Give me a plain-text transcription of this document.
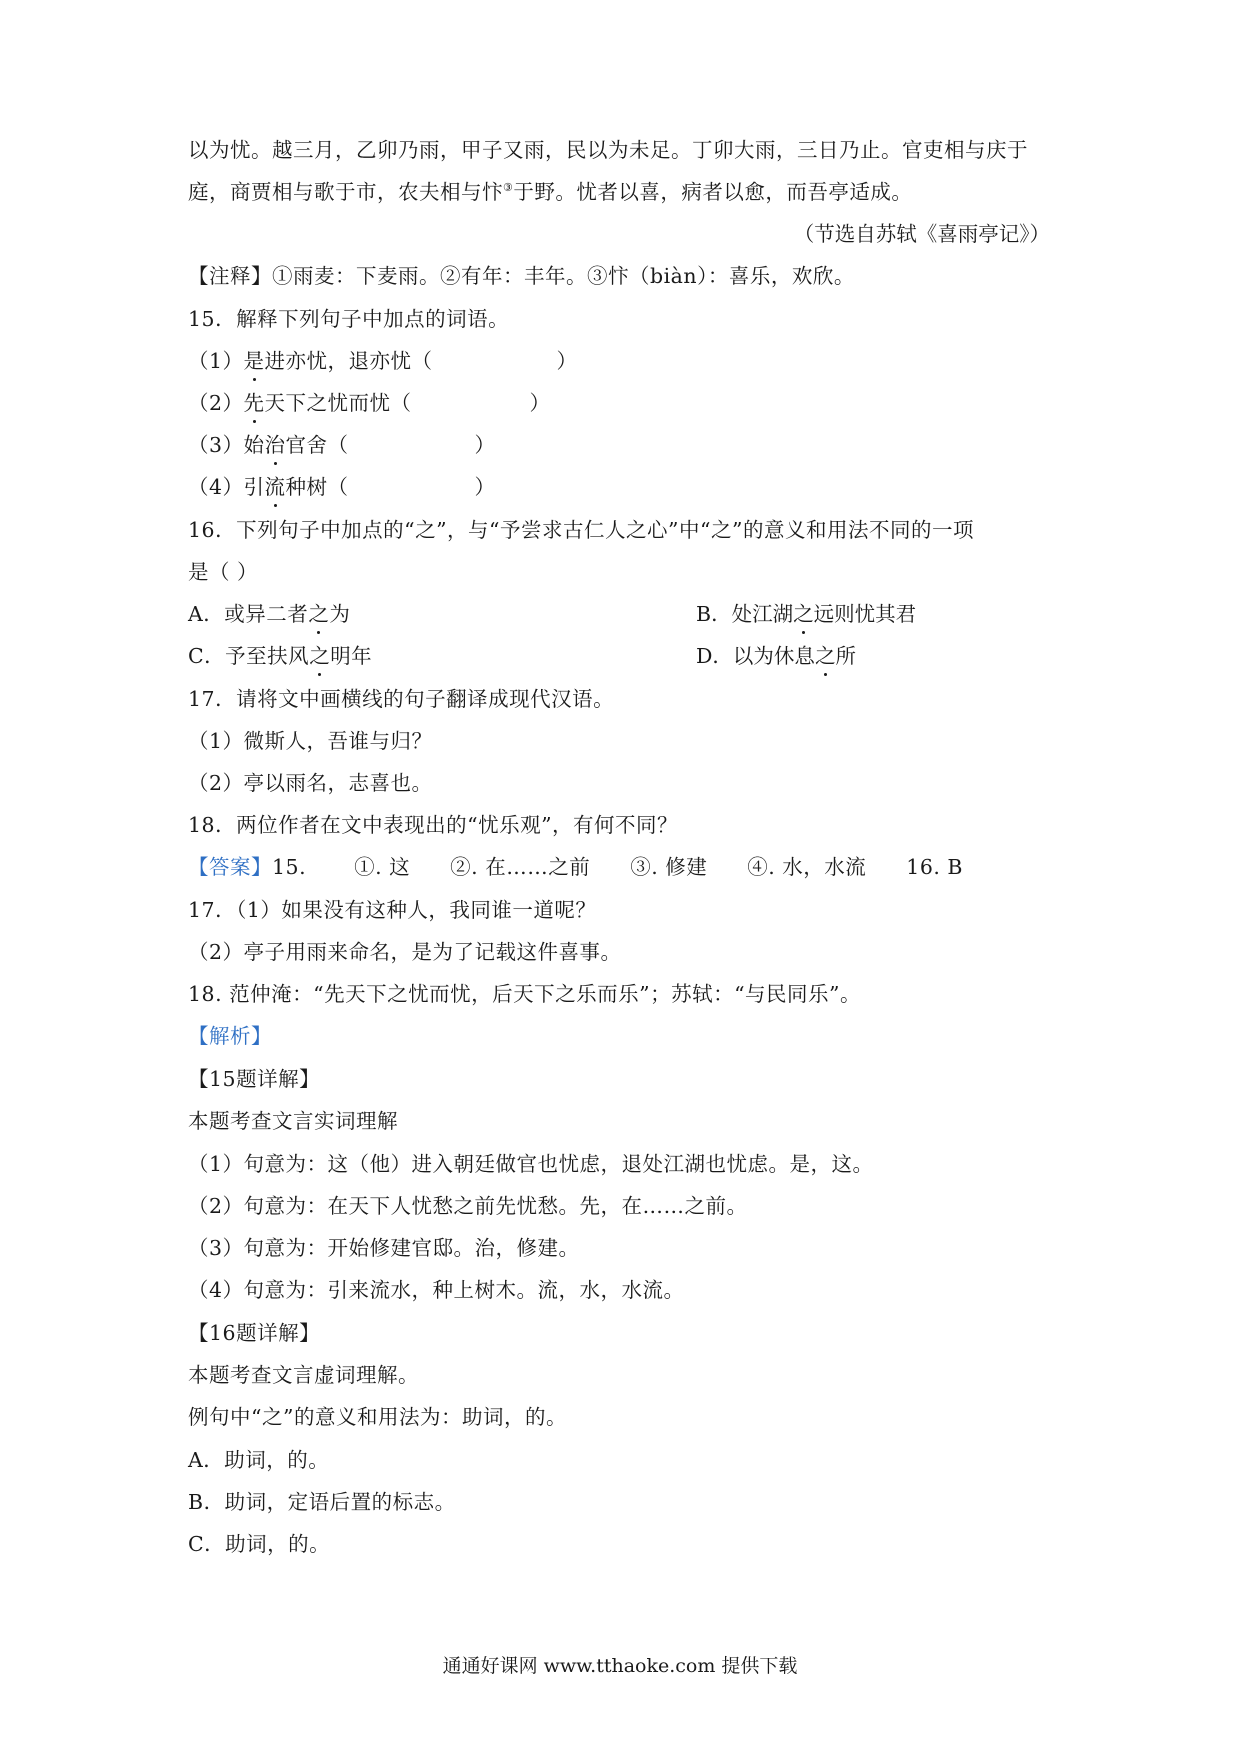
以为忧。越三月，乙卯乃雨，甲子又雨，民以为未足。丁卯大雨，三日乃止。官吏相与庆于
庭，商贾相与歌于市，农夫相与忭③于野。忧者以喜，病者以愈，而吾亭适成。
（节选自苏轼《喜雨亭记》）
【注释】①雨麦：下麦雨。②有年：丰年。③忭（biàn）：喜乐，欢欣。
15．解释下列句子中加点的词语。
（1）是进亦忧，退亦忧（	）
（2）先天下之忧而忧（	）
（3）始治官舍（	）
（4）引流种树（	）
16．下列句子中加点的“之”，与“予尝求古仁人之心”中“之”的意义和用法不同的一项
是（ ）
A．或异二者之为	B．处江湖之远则忧其君
C．予至扶风之明年	D．以为休息之所
17．请将文中画横线的句子翻译成现代汉语。
（1）微斯人，吾谁与归？
（2）亭以雨名，志喜也。
18．两位作者在文中表现出的“忧乐观”，有何不同？
【答案】15. ①. 这 ②. 在……之前 ③. 修建 ④. 水，水流 16. B
17．（1）如果没有这种人，我同谁一道呢？
（2）亭子用雨来命名，是为了记载这件喜事。
18. 范仲淹：“先天下之忧而忧，后天下之乐而乐”；苏轼：“与民同乐”。
【解析】
【15题详解】
本题考查文言实词理解
（1）句意为：这（他）进入朝廷做官也忧虑，退处江湖也忧虑。是，这。
（2）句意为：在天下人忧愁之前先忧愁。先，在……之前。
（3）句意为：开始修建官邸。治，修建。
（4）句意为：引来流水，种上树木。流，水，水流。
【16题详解】
本题考查文言虚词理解。
例句中“之”的意义和用法为：助词，的。
A．助词，的。
B．助词，定语后置的标志。
C．助词，的。
通通好课网 www.tthaoke.com 提供下载
